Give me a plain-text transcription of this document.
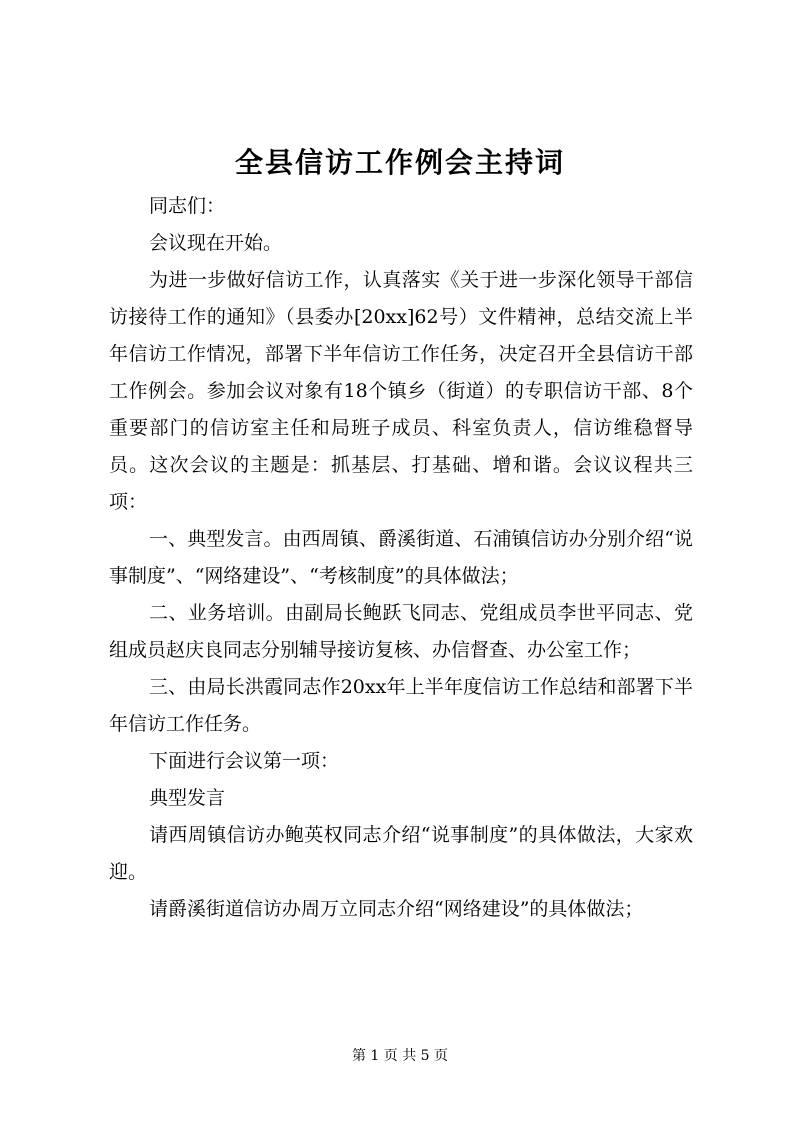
全县信访工作例会主持词

同志们：

会议现在开始。

为进一步做好信访工作，认真落实《关于进一步深化领导干部信访接待工作的通知》（县委办[20xx]62号）文件精神，总结交流上半年信访工作情况，部署下半年信访工作任务，决定召开全县信访干部工作例会。参加会议对象有18个镇乡（街道）的专职信访干部、8个重要部门的信访室主任和局班子成员、科室负责人，信访维稳督导员。这次会议的主题是：抓基层、打基础、增和谐。会议议程共三项：

一、典型发言。由西周镇、爵溪街道、石浦镇信访办分别介绍“说事制度”、“网络建设”、“考核制度”的具体做法；

二、业务培训。由副局长鲍跃飞同志、党组成员李世平同志、党组成员赵庆良同志分别辅导接访复核、办信督查、办公室工作；

三、由局长洪霞同志作20xx年上半年度信访工作总结和部署下半年信访工作任务。

下面进行会议第一项：

典型发言

请西周镇信访办鲍英权同志介绍“说事制度”的具体做法，大家欢迎。

请爵溪街道信访办周万立同志介绍“网络建设”的具体做法；

第 1 页 共 5 页
